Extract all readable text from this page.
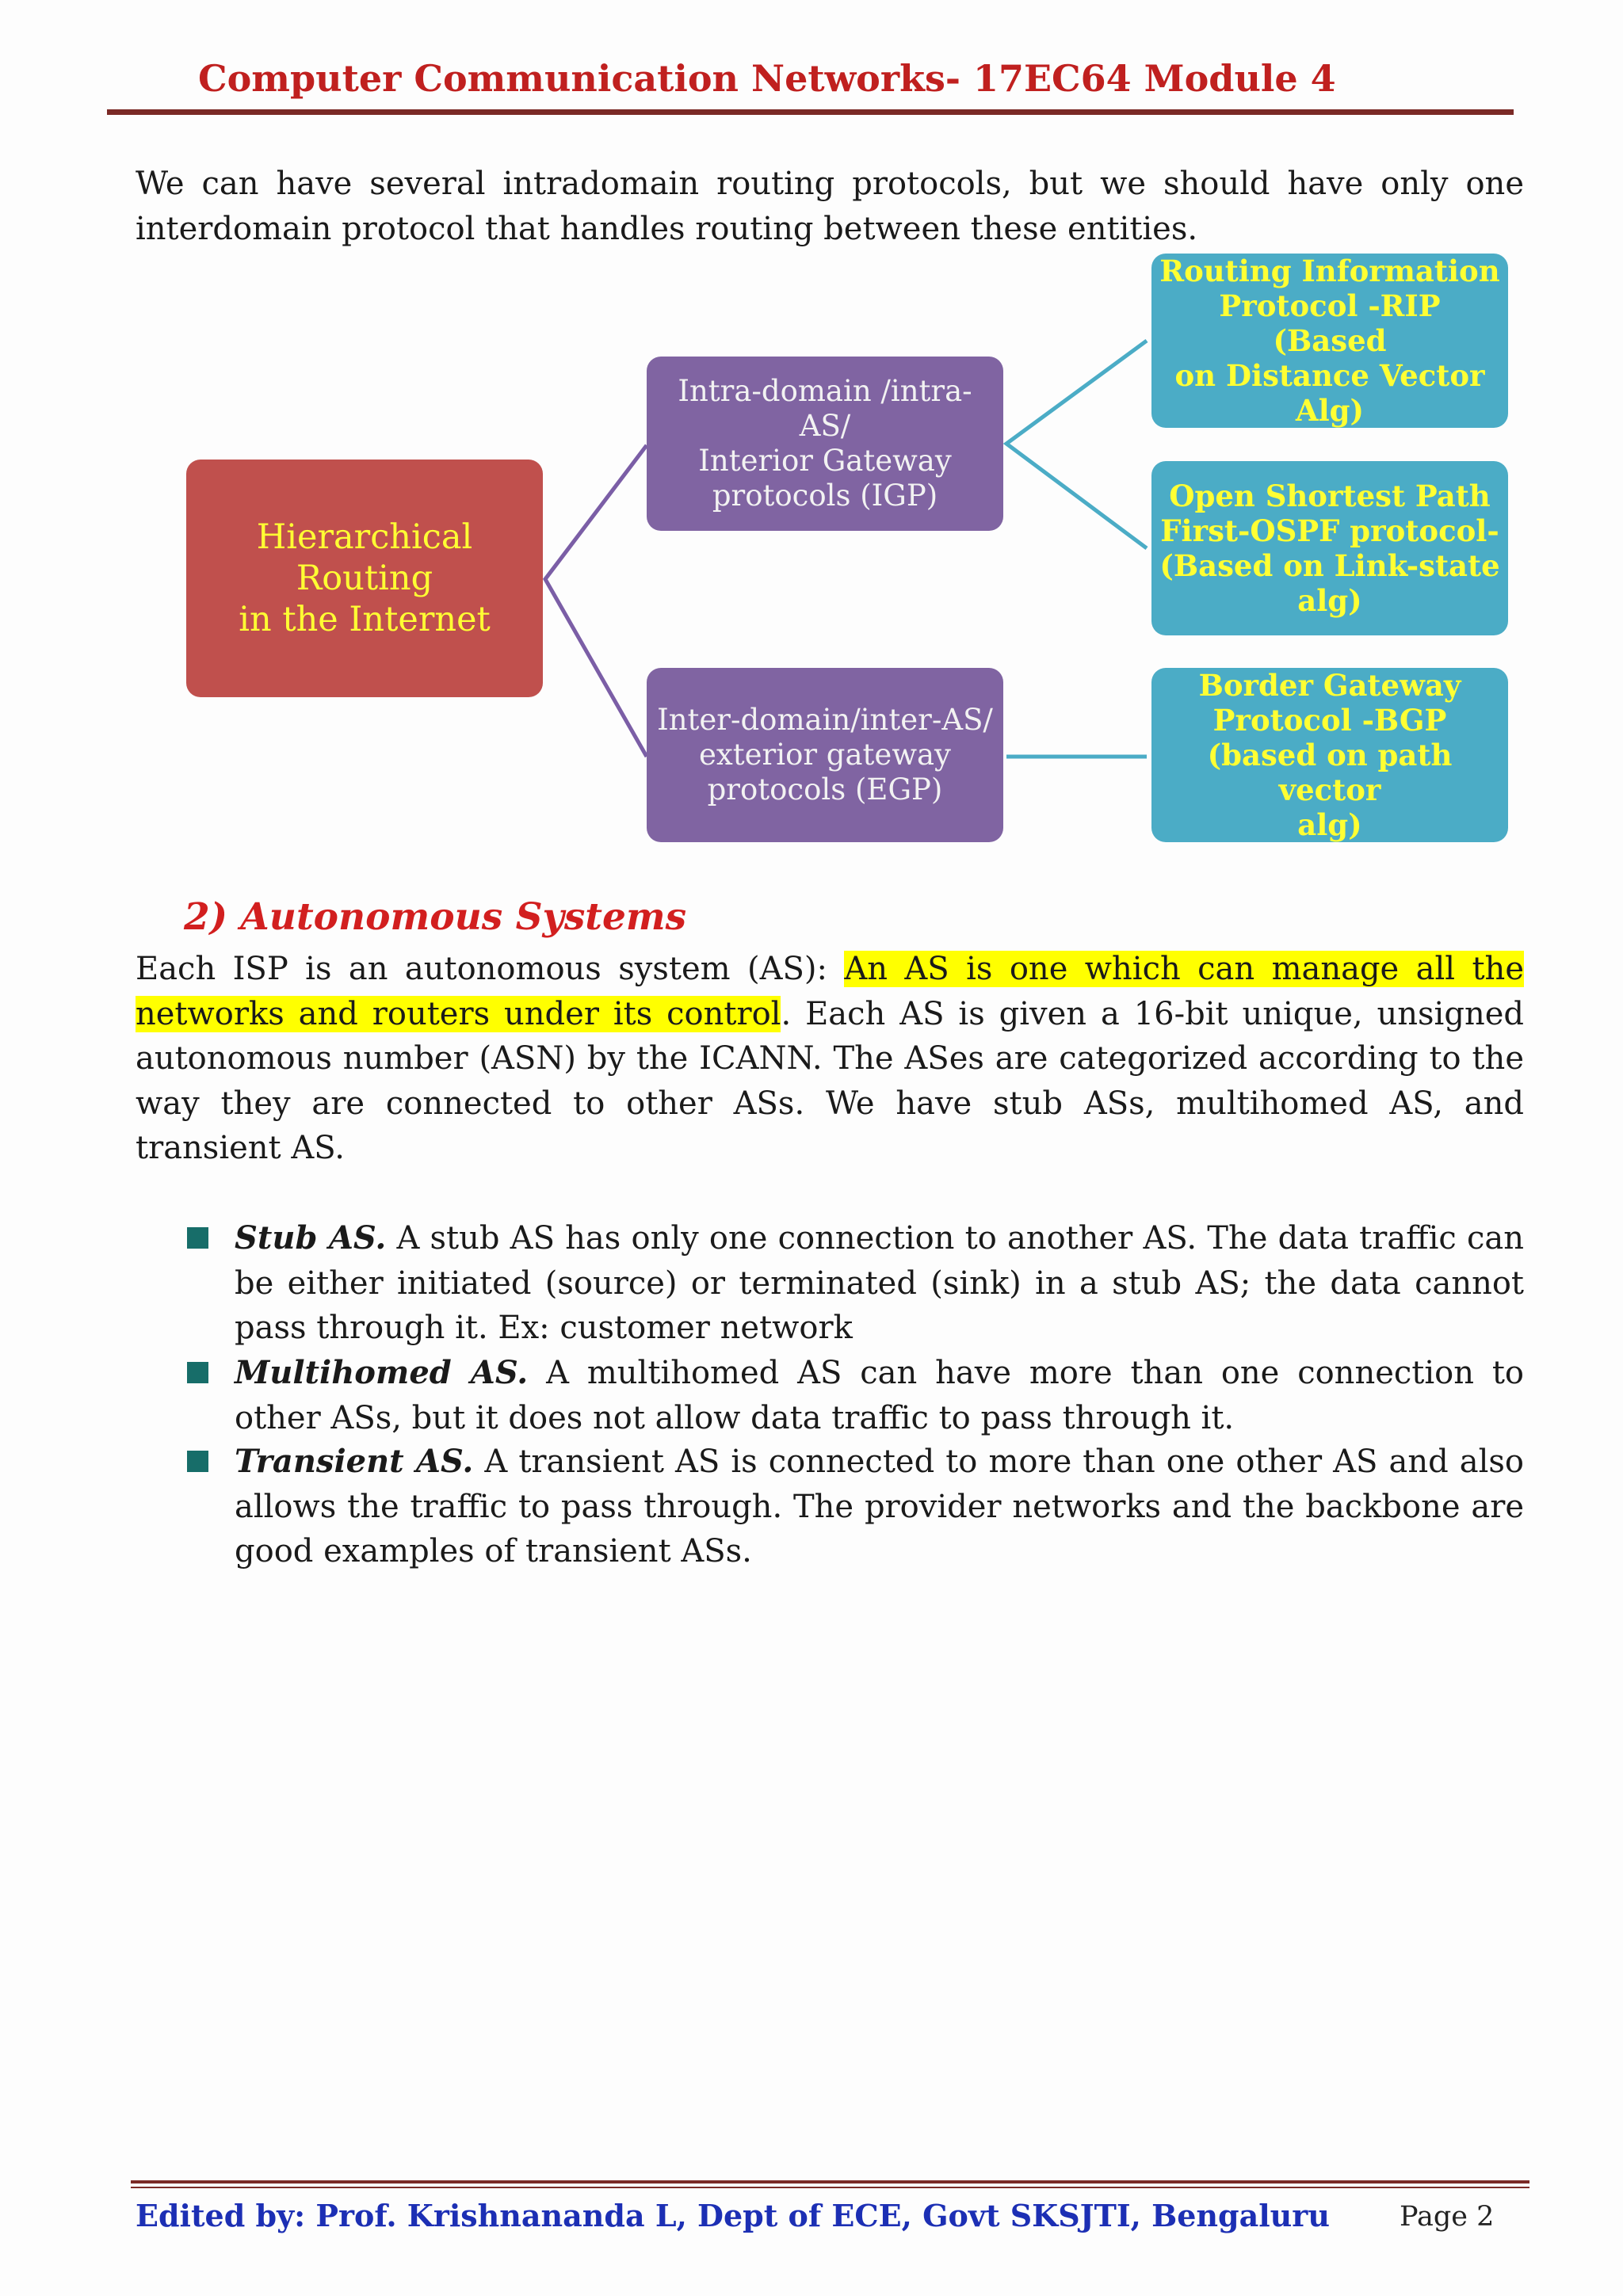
Computer Communication Networks- 17EC64 Module 4
We can have several intradomain routing protocols, but we should have only one interdomain protocol that handles routing between these entities.
Hierarchical Routing
in the Internet
Intra-domain /intra-AS/
Interior Gateway
protocols (IGP)
Inter-domain/inter-AS/
exterior gateway
protocols (EGP)
Routing Information
Protocol -RIP (Based
on Distance Vector
Alg)
Open Shortest Path
First-OSPF protocol-
(Based on Link-state
alg)
Border Gateway
Protocol -BGP
(based on path vector
alg)
2) Autonomous Systems
Each ISP is an autonomous system (AS): An AS is one which can manage all the networks and routers under its control. Each AS is given a 16-bit unique, unsigned autonomous number (ASN) by the ICANN. The ASes are categorized according to the way they are connected to other ASs. We have stub ASs, multihomed AS, and transient AS.
Stub AS. A stub AS has only one connection to another AS. The data traffic can be either initiated (source) or terminated (sink) in a stub AS; the data cannot pass through it. Ex: customer network
Multihomed AS. A multihomed AS can have more than one connection to other ASs, but it does not allow data traffic to pass through it.
Transient AS. A transient AS is connected to more than one other AS and also allows the traffic to pass through. The provider networks and the backbone are good examples of transient ASs.
Edited by: Prof. Krishnananda L, Dept of ECE, Govt SKSJTI, Bengaluru	Page 2
